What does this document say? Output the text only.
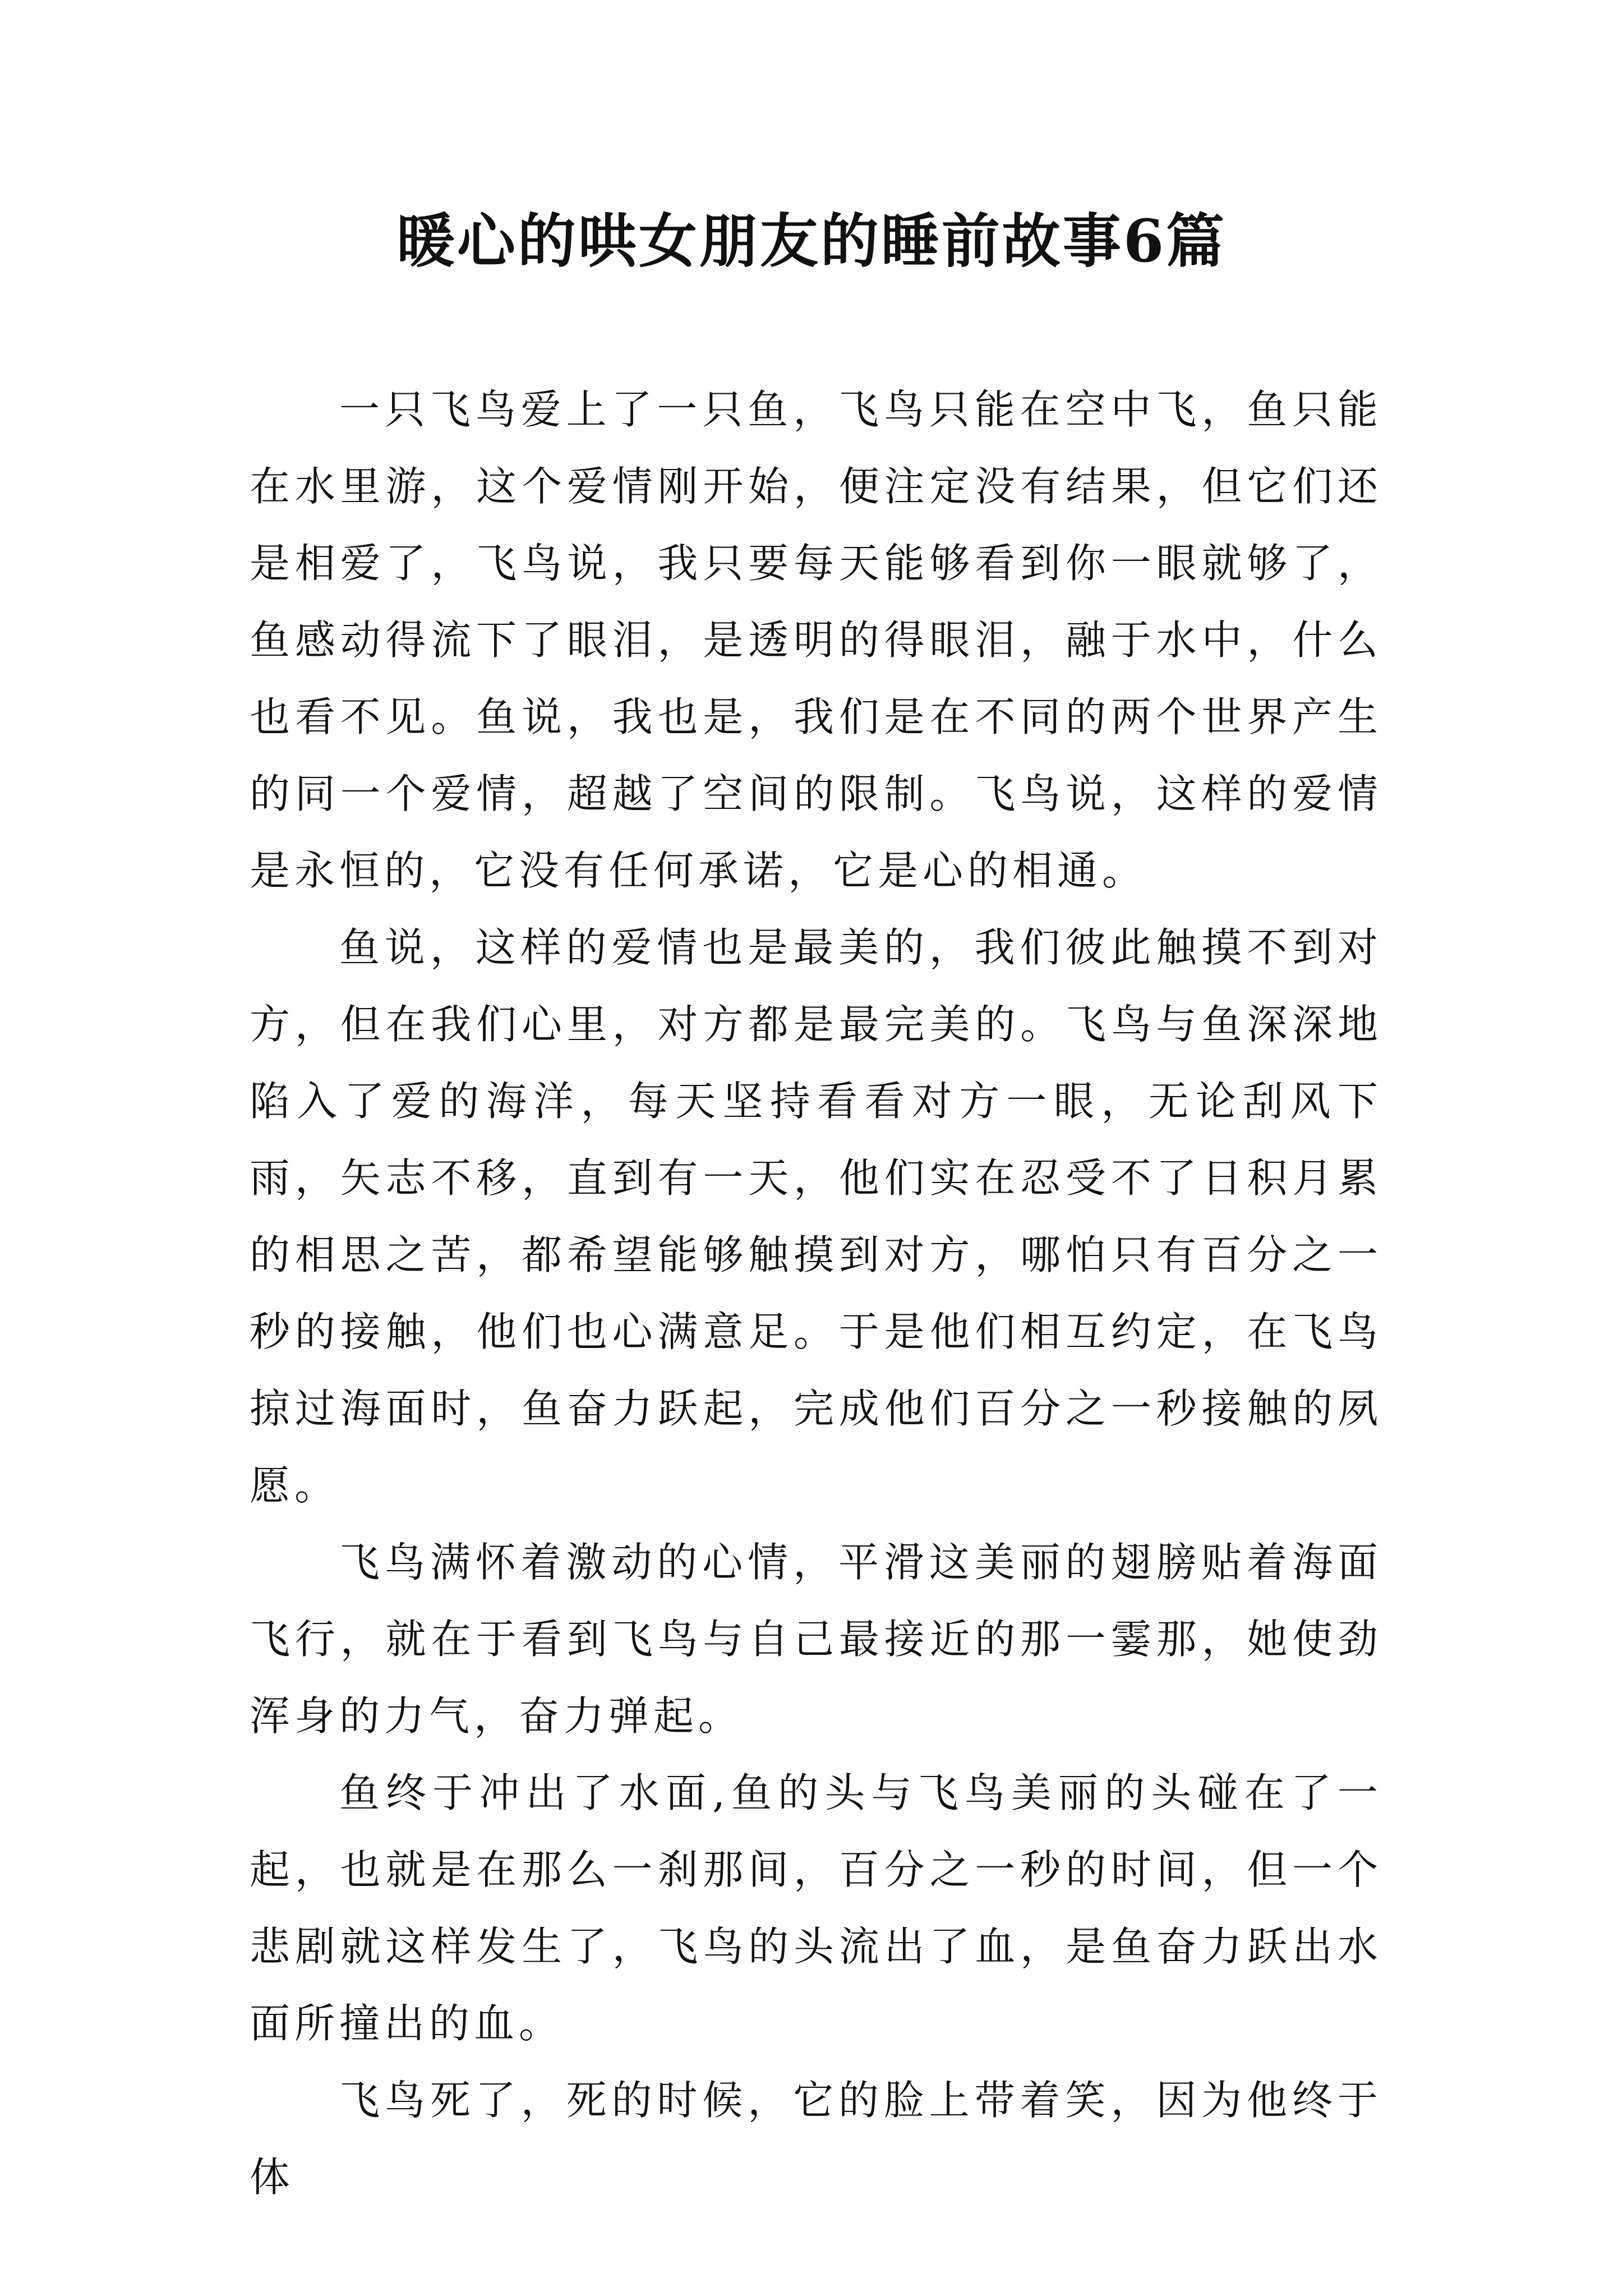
暖心的哄女朋友的睡前故事6篇

一只飞鸟爱上了一只鱼，飞鸟只能在空中飞，鱼只能在水里游，这个爱情刚开始，便注定没有结果，但它们还是相爱了，飞鸟说，我只要每天能够看到你一眼就够了，鱼感动得流下了眼泪，是透明的得眼泪，融于水中，什么也看不见。鱼说，我也是，我们是在不同的两个世界产生的同一个爱情，超越了空间的限制。飞鸟说，这样的爱情是永恒的，它没有任何承诺，它是心的相通。

鱼说，这样的爱情也是最美的，我们彼此触摸不到对方，但在我们心里，对方都是最完美的。飞鸟与鱼深深地陷入了爱的海洋，每天坚持看看对方一眼，无论刮风下雨，矢志不移，直到有一天，他们实在忍受不了日积月累的相思之苦，都希望能够触摸到对方，哪怕只有百分之一秒的接触，他们也心满意足。于是他们相互约定，在飞鸟掠过海面时，鱼奋力跃起，完成他们百分之一秒接触的夙愿。

飞鸟满怀着激动的心情，平滑这美丽的翅膀贴着海面飞行，就在于看到飞鸟与自己最接近的那一霎那，她使劲浑身的力气，奋力弹起。

鱼终于冲出了水面,鱼的头与飞鸟美丽的头碰在了一起，也就是在那么一刹那间，百分之一秒的时间，但一个悲剧就这样发生了，飞鸟的头流出了血，是鱼奋力跃出水面所撞出的血。

飞鸟死了，死的时候，它的脸上带着笑，因为他终于体
